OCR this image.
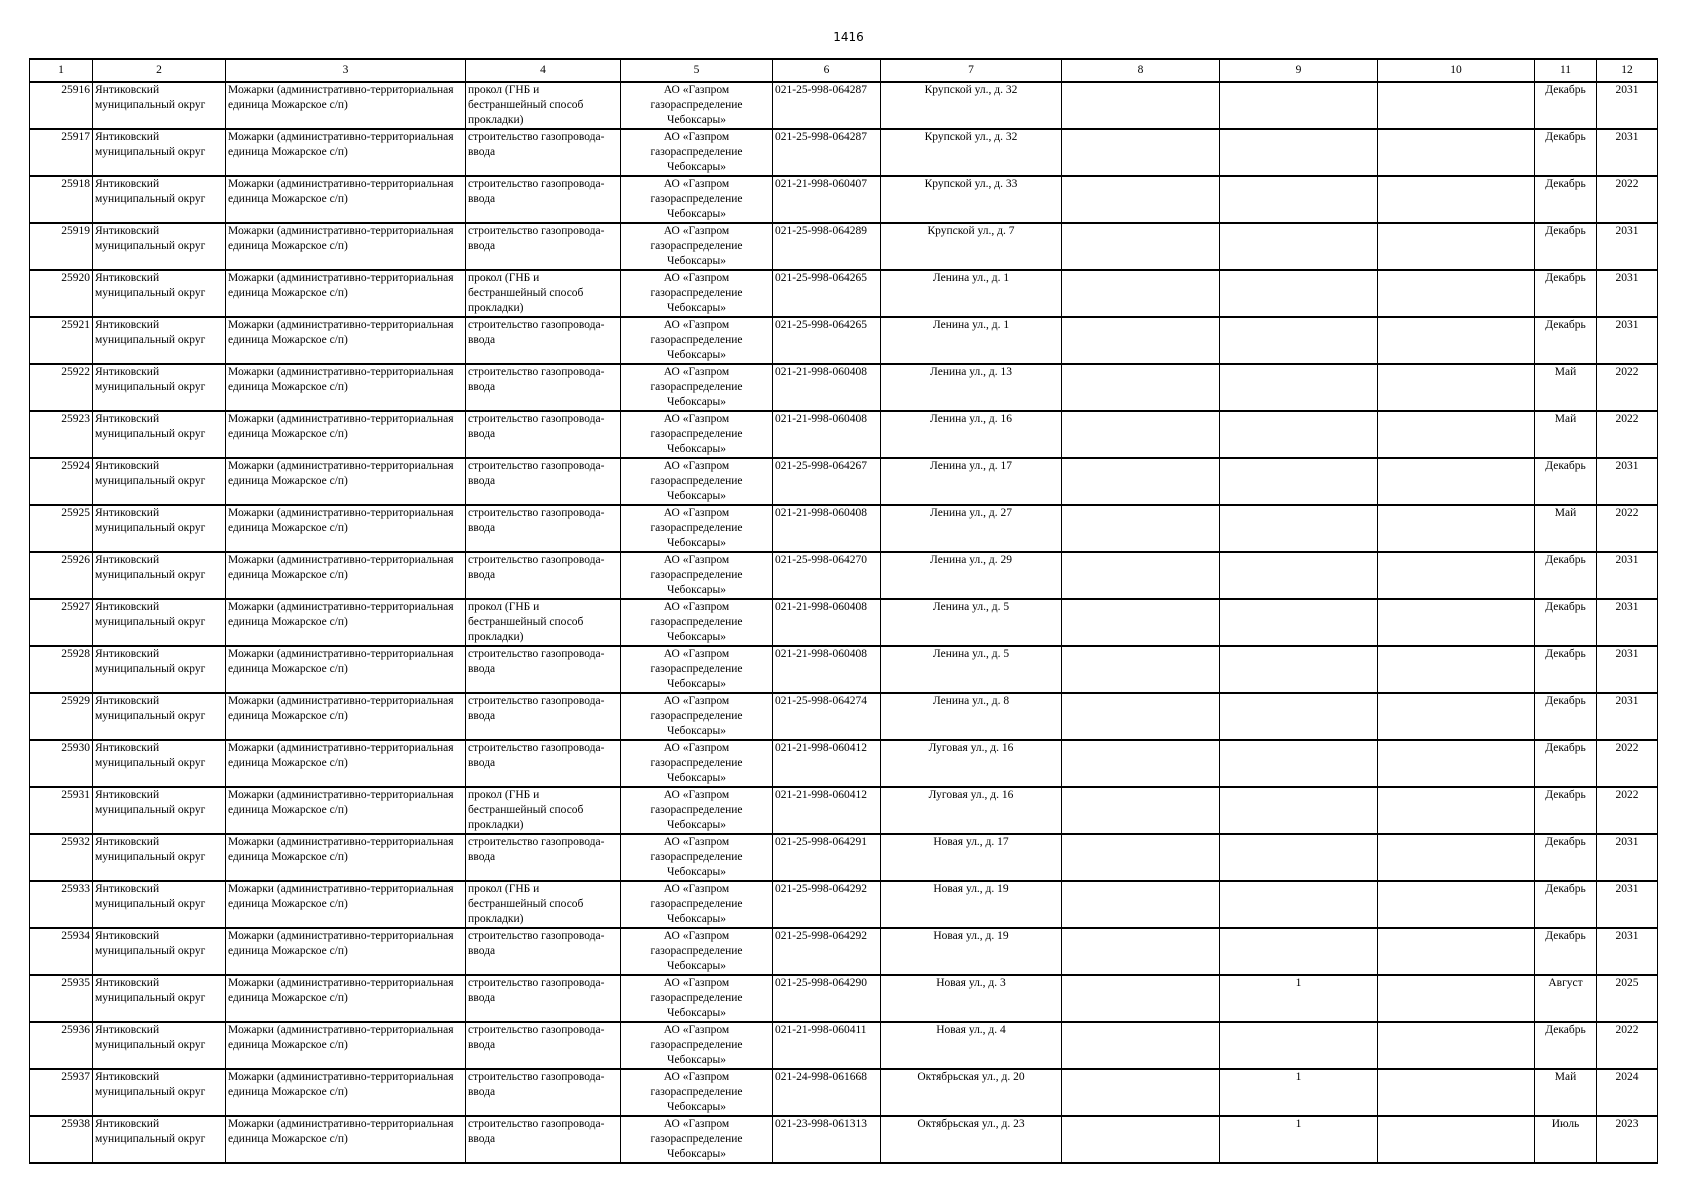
1416
1	2	3	4	5	6	7	8	9	10	11	12
25916	Янтиковский муниципальный округ	Можарки (административно-территориальная единица Можарское с/п)	прокол (ГНБ и бестраншейный способ прокладки)	АО «Газпром газораспределение Чебоксары»	021-25-998-064287	Крупской ул., д. 32				Декабрь	2031
25917	Янтиковский муниципальный округ	Можарки (административно-территориальная единица Можарское с/п)	строительство газопровода-ввода	АО «Газпром газораспределение Чебоксары»	021-25-998-064287	Крупской ул., д. 32				Декабрь	2031
25918	Янтиковский муниципальный округ	Можарки (административно-территориальная единица Можарское с/п)	строительство газопровода-ввода	АО «Газпром газораспределение Чебоксары»	021-21-998-060407	Крупской ул., д. 33				Декабрь	2022
25919	Янтиковский муниципальный округ	Можарки (административно-территориальная единица Можарское с/п)	строительство газопровода-ввода	АО «Газпром газораспределение Чебоксары»	021-25-998-064289	Крупской ул., д. 7				Декабрь	2031
25920	Янтиковский муниципальный округ	Можарки (административно-территориальная единица Можарское с/п)	прокол (ГНБ и бестраншейный способ прокладки)	АО «Газпром газораспределение Чебоксары»	021-25-998-064265	Ленина ул., д. 1				Декабрь	2031
25921	Янтиковский муниципальный округ	Можарки (административно-территориальная единица Можарское с/п)	строительство газопровода-ввода	АО «Газпром газораспределение Чебоксары»	021-25-998-064265	Ленина ул., д. 1				Декабрь	2031
25922	Янтиковский муниципальный округ	Можарки (административно-территориальная единица Можарское с/п)	строительство газопровода-ввода	АО «Газпром газораспределение Чебоксары»	021-21-998-060408	Ленина ул., д. 13				Май	2022
25923	Янтиковский муниципальный округ	Можарки (административно-территориальная единица Можарское с/п)	строительство газопровода-ввода	АО «Газпром газораспределение Чебоксары»	021-21-998-060408	Ленина ул., д. 16				Май	2022
25924	Янтиковский муниципальный округ	Можарки (административно-территориальная единица Можарское с/п)	строительство газопровода-ввода	АО «Газпром газораспределение Чебоксары»	021-25-998-064267	Ленина ул., д. 17				Декабрь	2031
25925	Янтиковский муниципальный округ	Можарки (административно-территориальная единица Можарское с/п)	строительство газопровода-ввода	АО «Газпром газораспределение Чебоксары»	021-21-998-060408	Ленина ул., д. 27				Май	2022
25926	Янтиковский муниципальный округ	Можарки (административно-территориальная единица Можарское с/п)	строительство газопровода-ввода	АО «Газпром газораспределение Чебоксары»	021-25-998-064270	Ленина ул., д. 29				Декабрь	2031
25927	Янтиковский муниципальный округ	Можарки (административно-территориальная единица Можарское с/п)	прокол (ГНБ и бестраншейный способ прокладки)	АО «Газпром газораспределение Чебоксары»	021-21-998-060408	Ленина ул., д. 5				Декабрь	2031
25928	Янтиковский муниципальный округ	Можарки (административно-территориальная единица Можарское с/п)	строительство газопровода-ввода	АО «Газпром газораспределение Чебоксары»	021-21-998-060408	Ленина ул., д. 5				Декабрь	2031
25929	Янтиковский муниципальный округ	Можарки (административно-территориальная единица Можарское с/п)	строительство газопровода-ввода	АО «Газпром газораспределение Чебоксары»	021-25-998-064274	Ленина ул., д. 8				Декабрь	2031
25930	Янтиковский муниципальный округ	Можарки (административно-территориальная единица Можарское с/п)	строительство газопровода-ввода	АО «Газпром газораспределение Чебоксары»	021-21-998-060412	Луговая ул., д. 16				Декабрь	2022
25931	Янтиковский муниципальный округ	Можарки (административно-территориальная единица Можарское с/п)	прокол (ГНБ и бестраншейный способ прокладки)	АО «Газпром газораспределение Чебоксары»	021-21-998-060412	Луговая ул., д. 16				Декабрь	2022
25932	Янтиковский муниципальный округ	Можарки (административно-территориальная единица Можарское с/п)	строительство газопровода-ввода	АО «Газпром газораспределение Чебоксары»	021-25-998-064291	Новая ул., д. 17				Декабрь	2031
25933	Янтиковский муниципальный округ	Можарки (административно-территориальная единица Можарское с/п)	прокол (ГНБ и бестраншейный способ прокладки)	АО «Газпром газораспределение Чебоксары»	021-25-998-064292	Новая ул., д. 19				Декабрь	2031
25934	Янтиковский муниципальный округ	Можарки (административно-территориальная единица Можарское с/п)	строительство газопровода-ввода	АО «Газпром газораспределение Чебоксары»	021-25-998-064292	Новая ул., д. 19				Декабрь	2031
25935	Янтиковский муниципальный округ	Можарки (административно-территориальная единица Можарское с/п)	строительство газопровода-ввода	АО «Газпром газораспределение Чебоксары»	021-25-998-064290	Новая ул., д. 3		1		Август	2025
25936	Янтиковский муниципальный округ	Можарки (административно-территориальная единица Можарское с/п)	строительство газопровода-ввода	АО «Газпром газораспределение Чебоксары»	021-21-998-060411	Новая ул., д. 4				Декабрь	2022
25937	Янтиковский муниципальный округ	Можарки (административно-территориальная единица Можарское с/п)	строительство газопровода-ввода	АО «Газпром газораспределение Чебоксары»	021-24-998-061668	Октябрьская ул., д. 20		1		Май	2024
25938	Янтиковский муниципальный округ	Можарки (административно-территориальная единица Можарское с/п)	строительство газопровода-ввода	АО «Газпром газораспределение Чебоксары»	021-23-998-061313	Октябрьская ул., д. 23		1		Июль	2023
